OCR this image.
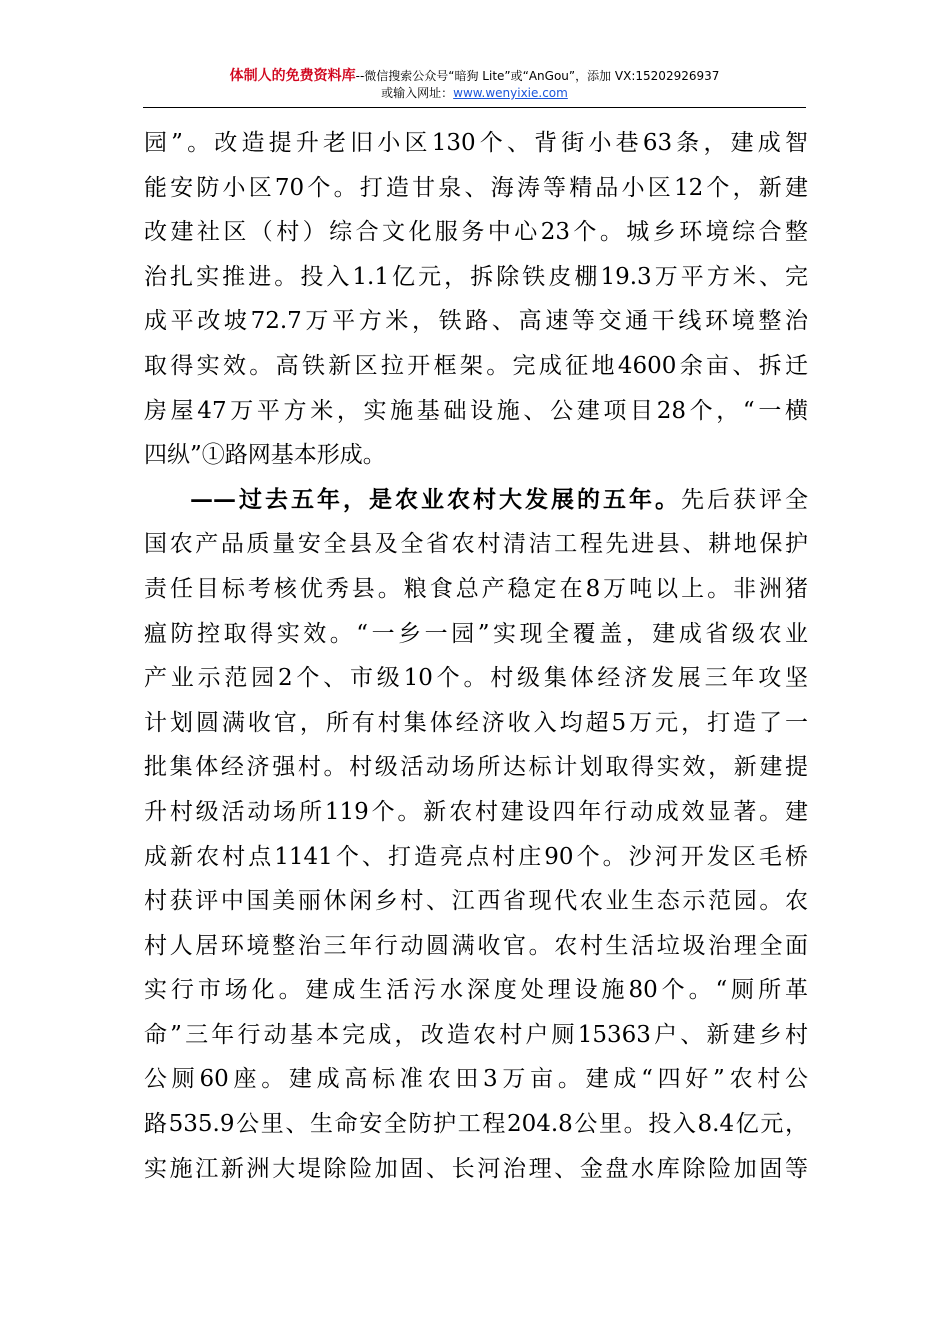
体制人的免费资料库--微信搜索公众号“暗狗 Lite”或“AnGou”，添加 VX:15202926937
或输入网址：www.wenyixie.com
园”。改造提升老旧小区130个、背街小巷63条，建成智
能安防小区70个。打造甘泉、海涛等精品小区12个，新建
改建社区（村）综合文化服务中心23个。城乡环境综合整
治扎实推进。投入1.1亿元，拆除铁皮棚19.3万平方米、完
成平改坡72.7万平方米，铁路、高速等交通干线环境整治
取得实效。高铁新区拉开框架。完成征地4600余亩、拆迁
房屋47万平方米，实施基础设施、公建项目28个，“一横
四纵”①路网基本形成。
——过去五年，是农业农村大发展的五年。先后获评全
国农产品质量安全县及全省农村清洁工程先进县、耕地保护
责任目标考核优秀县。粮食总产稳定在8万吨以上。非洲猪
瘟防控取得实效。“一乡一园”实现全覆盖，建成省级农业
产业示范园2个、市级10个。村级集体经济发展三年攻坚
计划圆满收官，所有村集体经济收入均超5万元，打造了一
批集体经济强村。村级活动场所达标计划取得实效，新建提
升村级活动场所119个。新农村建设四年行动成效显著。建
成新农村点1141个、打造亮点村庄90个。沙河开发区毛桥
村获评中国美丽休闲乡村、江西省现代农业生态示范园。农
村人居环境整治三年行动圆满收官。农村生活垃圾治理全面
实行市场化。建成生活污水深度处理设施80个。“厕所革
命”三年行动基本完成，改造农村户厕15363户、新建乡村
公厕60座。建成高标准农田3万亩。建成“四好”农村公
路535.9公里、生命安全防护工程204.8公里。投入8.4亿元，
实施江新洲大堤除险加固、长河治理、金盘水库除险加固等
